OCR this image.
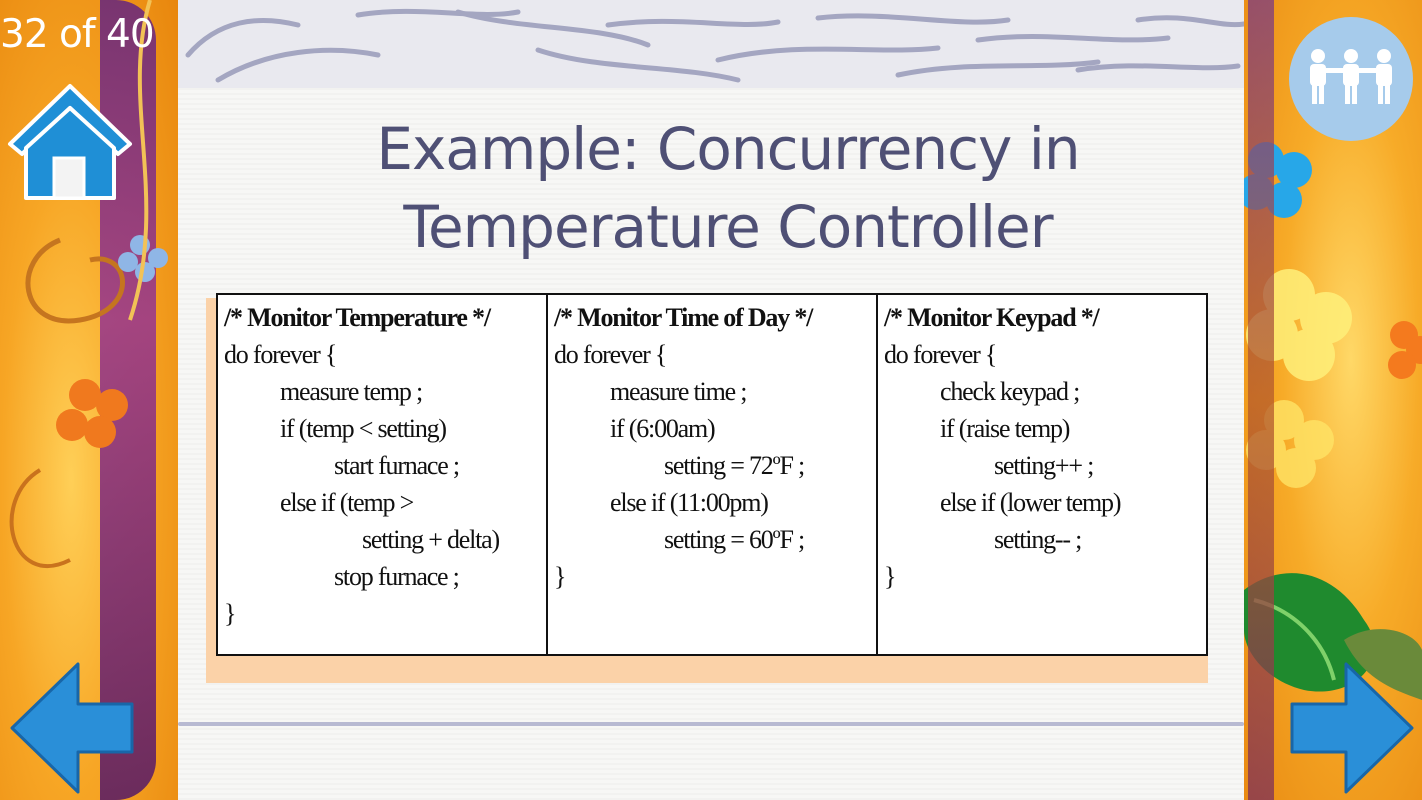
Example: Concurrency in
Temperature Controller
/* Monitor Temperature */
do forever {
measure temp ;
if (temp < setting)
start furnace ;
else if (temp >
setting + delta)
stop furnace ;
}
/* Monitor Time of Day */
do forever {
measure time ;
if (6:00am)
setting = 72ºF ;
else if (11:00pm)
setting = 60ºF ;
}
/* Monitor Keypad */
do forever {
check keypad ;
if (raise temp)
setting++ ;
else if (lower temp)
setting-- ;
}
32 of 40
